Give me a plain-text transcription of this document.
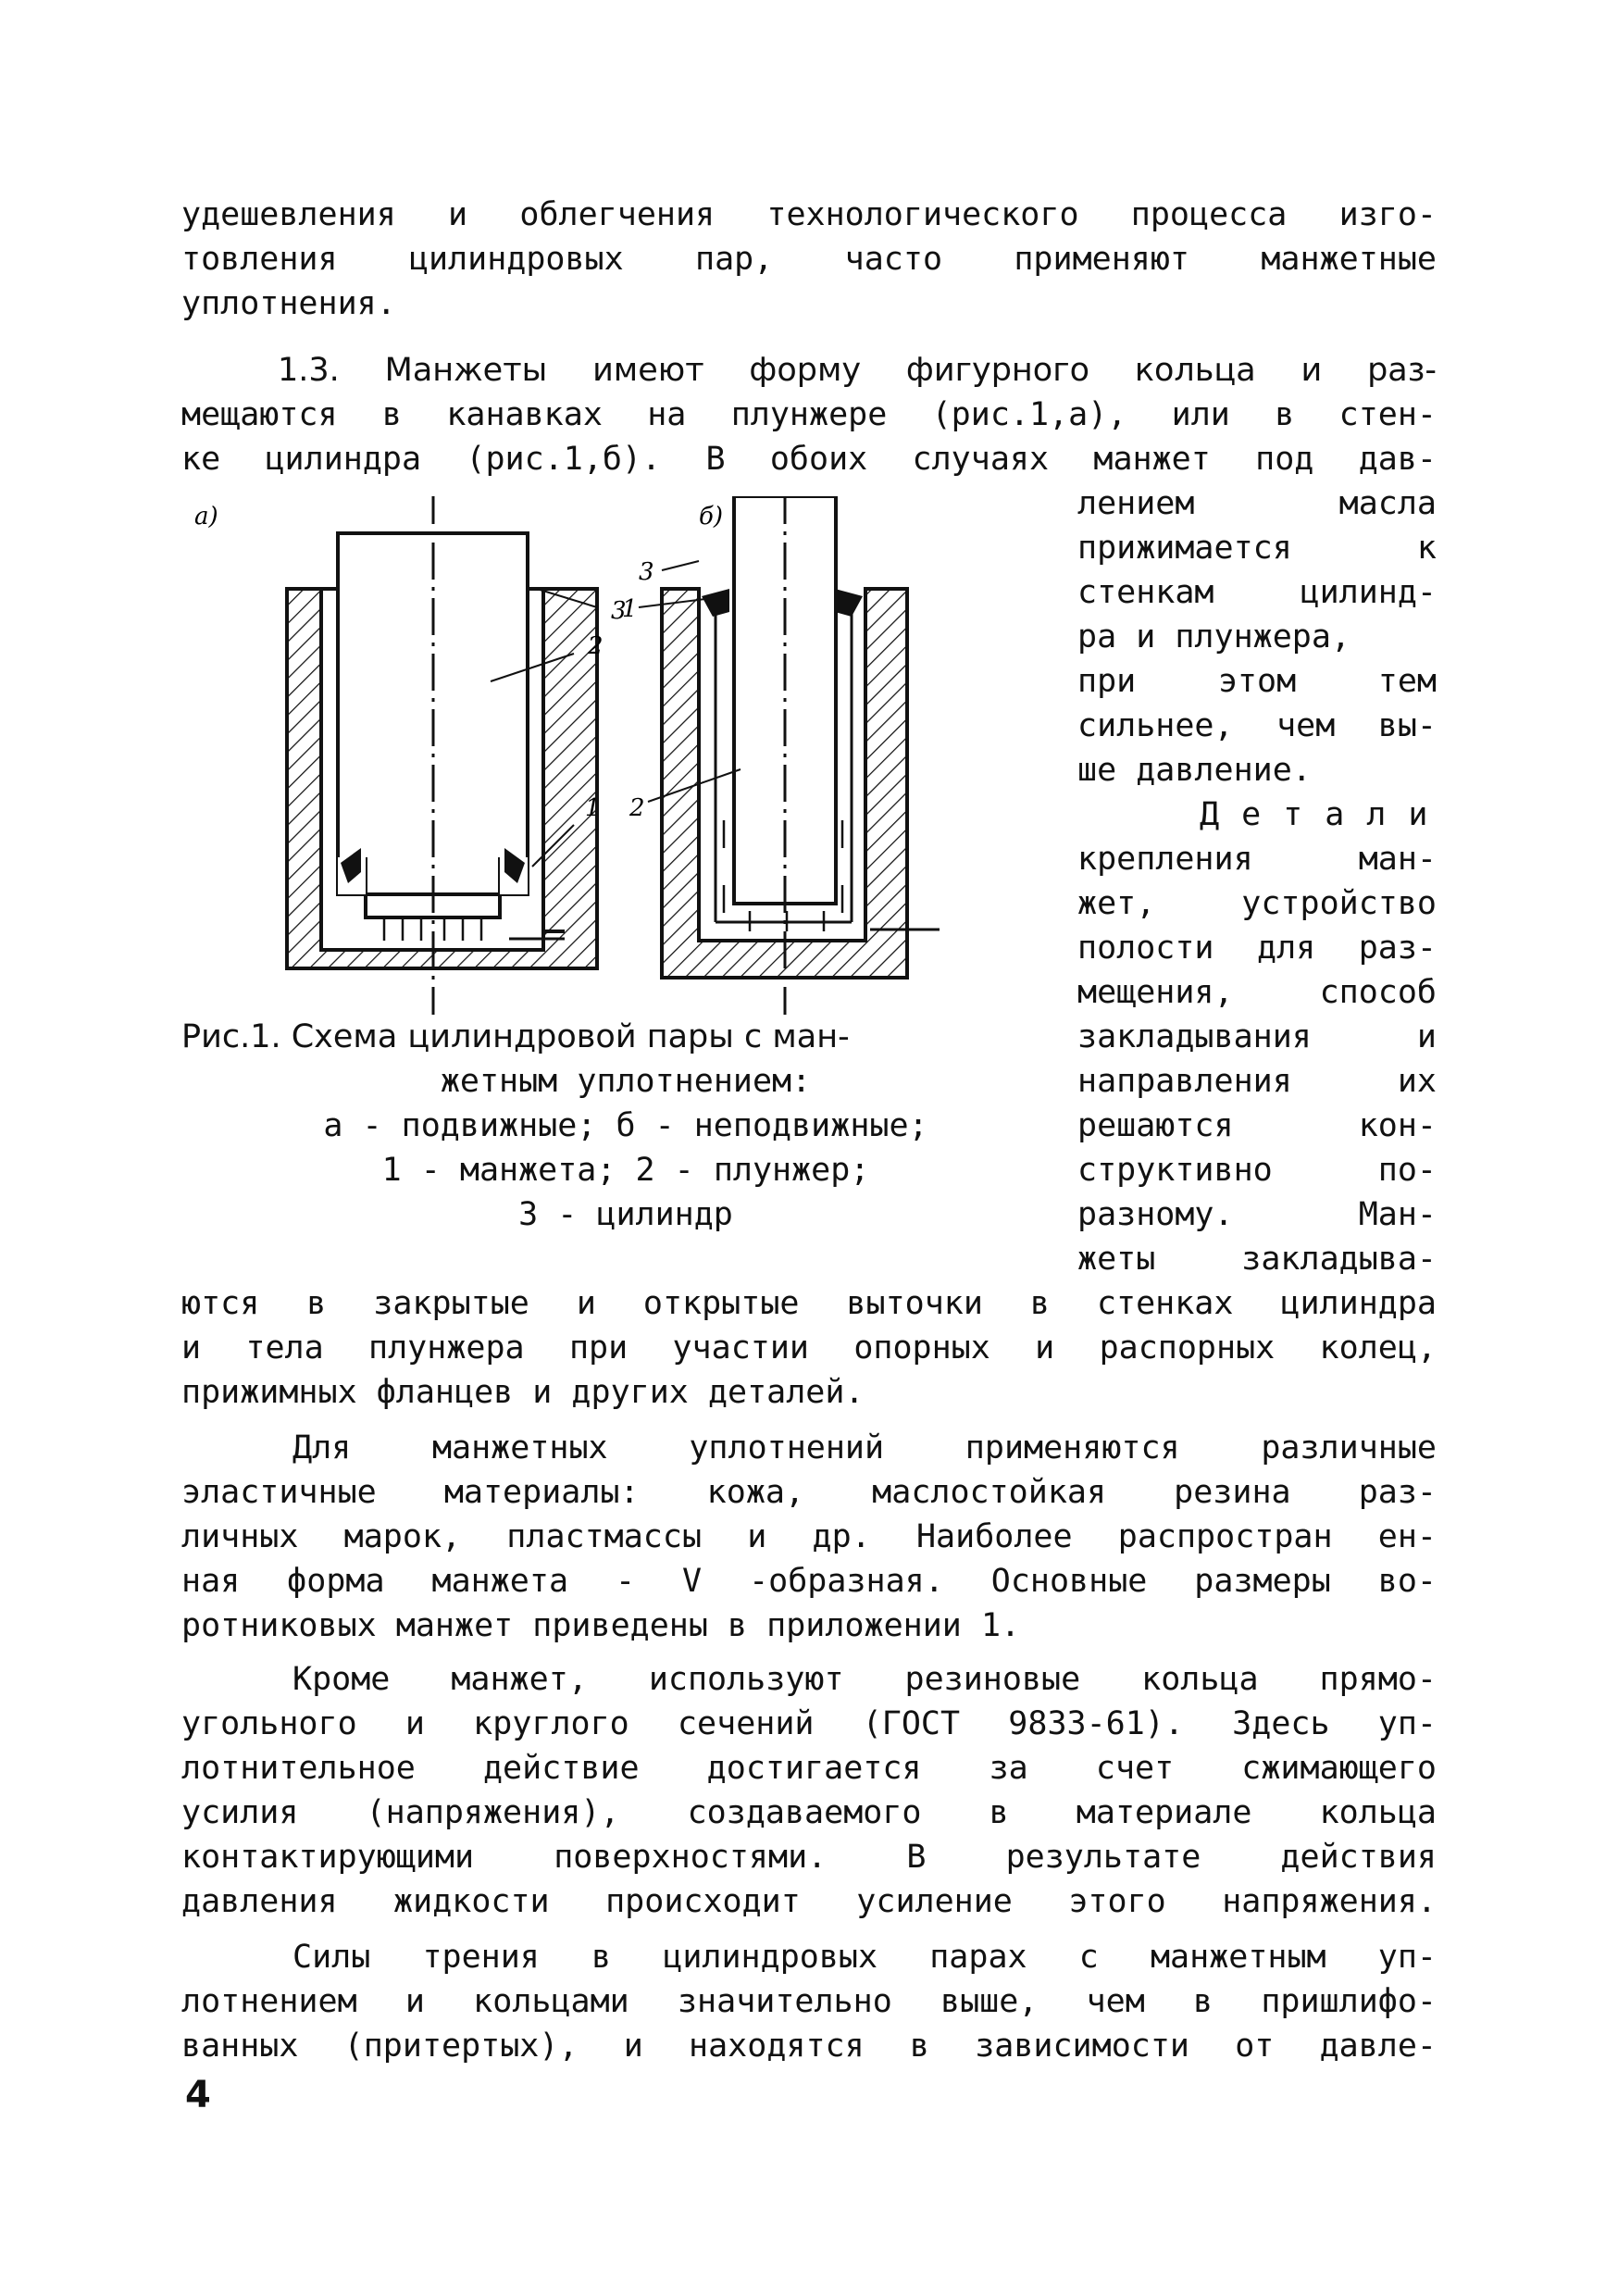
удешевления и облегчения технологического процесса изго-
товления цилиндровых пар, часто применяют манжетные
уплотнения.
1.3. Манжеты имеют форму фигурного кольца и раз-
мещаются в канавках на плунжере (рис.1,а), или в стен-
ке цилиндра (рис.1,б). В обоих случаях манжет под дав-
лением масла
прижимается к
стенкам цилинд-
ра и плунжера,
при этом тем
сильнее, чем вы-
ше давление.
Детали
крепления ман-
жет, устройство
полости для раз-
мещения, способ
закладывания и
направления их
решаются кон-
структивно по-
разному. Ман-
жеты закладыва-
а)
3
2
1
б)
3
1
2
Рис.1. Схема цилиндровой пары с ман-
жетным уплотнением:
а - подвижные; б - неподвижные;
1 - манжета; 2 - плунжер;
3 - цилиндр
ются в закрытые и открытые выточки в стенках цилиндра
и тела плунжера при участии опорных и распорных колец,
прижимных фланцев и других деталей.
Для манжетных уплотнений применяются различные
эластичные материалы: кожа, маслостойкая резина раз-
личных марок, пластмассы и др. Наиболее распростран ен-
ная форма манжета - V -образная. Основные размеры во-
ротниковых манжет приведены в приложении 1.
Кроме манжет, используют резиновые кольца прямо-
угольного и круглого сечений (ГОСТ 9833-61). Здесь уп-
лотнительное действие достигается за счет сжимающего
усилия (напряжения), создаваемого в материале кольца
контактирующими поверхностями. В результате действия
давления жидкости происходит усиление этого напряжения.
Силы трения в цилиндровых парах с манжетным уп-
лотнением и кольцами значительно выше, чем в пришлифо-
ванных (притертых), и находятся в зависимости от давле-
4
